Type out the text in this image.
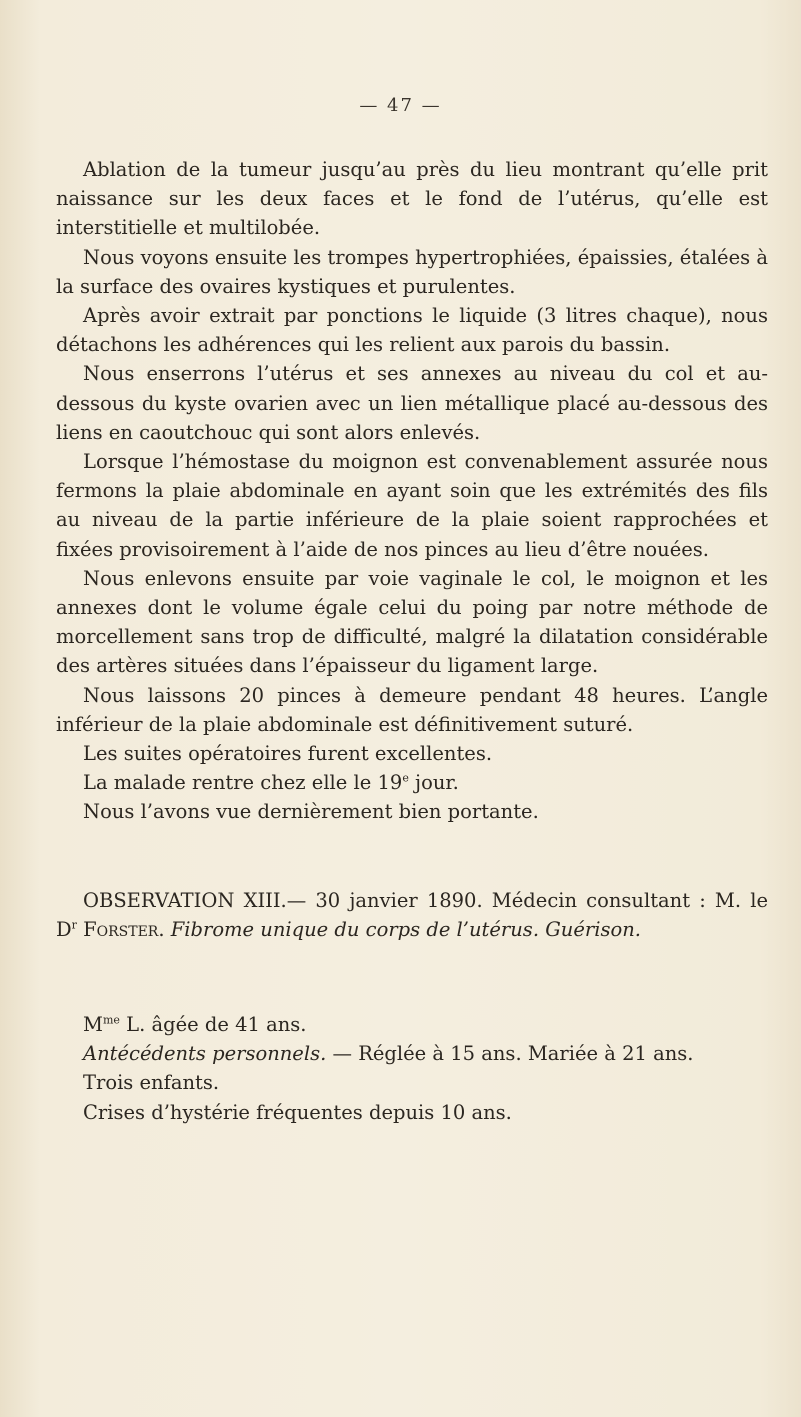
— 47 —

Ablation de la tumeur jusqu’au près du lieu montrant qu’elle prit naissance sur les deux faces et le fond de l’utérus, qu’elle est interstitielle et multilobée.

Nous voyons ensuite les trompes hypertrophiées, épaissies, étalées à la surface des ovaires kystiques et purulentes.

Après avoir extrait par ponctions le liquide (3 litres chaque), nous détachons les adhérences qui les relient aux parois du bassin.

Nous enserrons l’utérus et ses annexes au niveau du col et au-dessous du kyste ovarien avec un lien métallique placé au-dessous des liens en caoutchouc qui sont alors enlevés.

Lorsque l’hémostase du moignon est convenablement assurée nous fermons la plaie abdominale en ayant soin que les extrémités des fils au niveau de la partie inférieure de la plaie soient rapprochées et fixées provisoirement à l’aide de nos pinces au lieu d’être nouées.

Nous enlevons ensuite par voie vaginale le col, le moignon et les annexes dont le volume égale celui du poing par notre méthode de morcellement sans trop de difficulté, malgré la dilatation considérable des artères situées dans l’épaisseur du ligament large.

Nous laissons 20 pinces à demeure pendant 48 heures. L’angle inférieur de la plaie abdominale est définitivement suturé.

Les suites opératoires furent excellentes.

La malade rentre chez elle le 19e jour.

Nous l’avons vue dernièrement bien portante.

OBSERVATION XIII.— 30 janvier 1890. Médecin consultant : M. le $D^r$ Forster. Fibrome unique du corps de l’utérus. Guérison.

$M^{me}$ L. âgée de 41 ans.

Antécédents personnels. — Réglée à 15 ans. Mariée à 21 ans.

Trois enfants.

Crises d’hystérie fréquentes depuis 10 ans.
